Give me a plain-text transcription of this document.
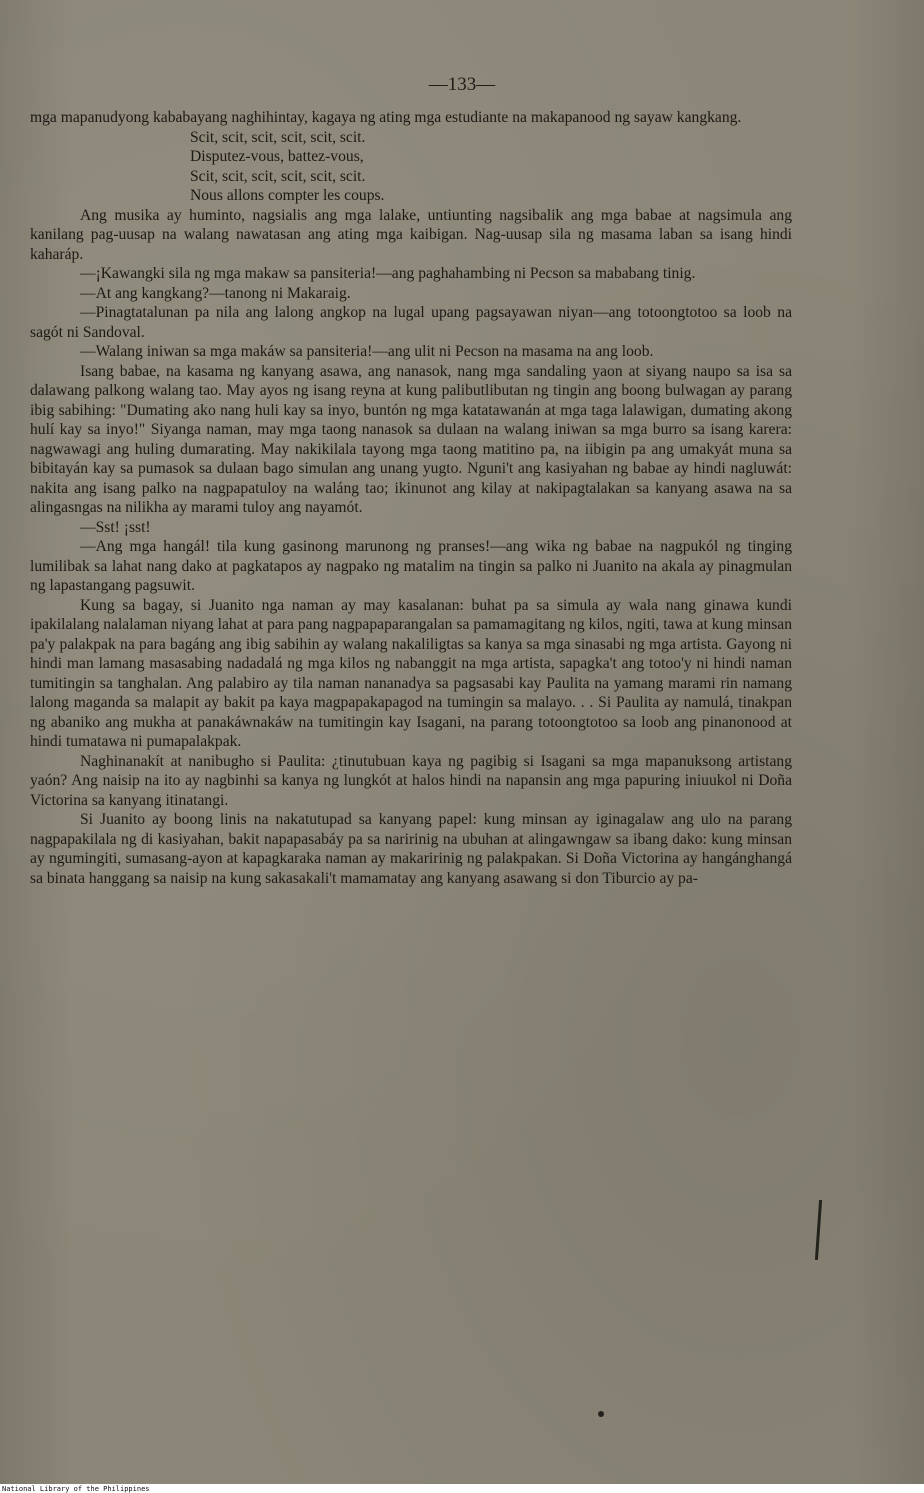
—133—

mga mapanudyong kababayang naghihintay, kagaya ng ating mga estudiante na makapanood ng sayaw kangkang.

Scit, scit, scit, scit, scit, scit.
Disputez-vous, battez-vous,
Scit, scit, scit, scit, scit, scit.
Nous allons compter les coups.

Ang musika ay huminto, nagsialis ang mga lalake, untiunting nagsibalik ang mga babae at nagsimula ang kanilang pag-uusap na walang nawatasan ang ating mga kaibigan. Nag-uusap sila ng masama laban sa isang hindi kaharáp.

—¡Kawangki sila ng mga makaw sa pansiteria!—ang paghahambing ni Pecson sa mababang tinig.

—At ang kangkang?—tanong ni Makaraig.

—Pinagtatalunan pa nila ang lalong angkop na lugal upang pagsayawan niyan—ang totoongtotoo sa loob na sagót ni Sandoval.

—Walang iniwan sa mga makáw sa pansiteria!—ang ulit ni Pecson na masama na ang loob.

Isang babae, na kasama ng kanyang asawa, ang nanasok, nang mga sandaling yaon at siyang naupo sa isa sa dalawang palkong walang tao. May ayos ng isang reyna at kung palibutlibutan ng tingin ang boong bulwagan ay parang ibig sabihing: "Dumating ako nang huli kay sa inyo, buntón ng mga katatawanán at mga taga lalawigan, dumating akong hulí kay sa inyo!" Siyanga naman, may mga taong nanasok sa dulaan na walang iniwan sa mga burro sa isang karera: nagwawagi ang huling dumarating. May nakikilala tayong mga taong matitino pa, na iibigin pa ang umakyát muna sa bibitayán kay sa pumasok sa dulaan bago simulan ang unang yugto. Nguni't ang kasiyahan ng babae ay hindi nagluwát: nakita ang isang palko na nagpapatuloy na waláng tao; ikinunot ang kilay at nakipagtalakan sa kanyang asawa na sa alingasngas na nilikha ay marami tuloy ang nayamót.

—Sst! ¡sst!

—Ang mga hangál! tila kung gasinong marunong ng pranses!—ang wika ng babae na nagpukól ng tinging lumilibak sa lahat nang dako at pagkatapos ay nagpako ng matalim na tingin sa palko ni Juanito na akala ay pinagmulan ng lapastangang pagsuwit.

Kung sa bagay, si Juanito nga naman ay may kasalanan: buhat pa sa simula ay wala nang ginawa kundi ipakilalang nalalaman niyang lahat at para pang nagpapaparangalan sa pamamagitang ng kilos, ngiti, tawa at kung minsan pa'y palakpak na para bagáng ang ibig sabihin ay walang nakaliligtas sa kanya sa mga sinasabi ng mga artista. Gayong ni hindi man lamang masasabing nadadalá ng mga kilos ng nabanggit na mga artista, sapagka't ang totoo'y ni hindi naman tumitingin sa tanghalan. Ang palabiro ay tila naman nananadya sa pagsasabi kay Paulita na yamang marami rin namang lalong maganda sa malapit ay bakit pa kaya magpapakapagod na tumingin sa malayo. . . Si Paulita ay namulá, tinakpan ng abaniko ang mukha at panakáwnakáw na tumitingin kay Isagani, na parang totoongtotoo sa loob ang pinanonood at hindi tumatawa ni pumapalakpak.

Naghinanakít at nanibugho si Paulita: ¿tinutubuan kaya ng pagibig si Isagani sa mga mapanuksong artistang yaón? Ang naisip na ito ay nagbinhi sa kanya ng lungkót at halos hindi na napansin ang mga papuring iniuukol ni Doña Victorina sa kanyang itinatangi.

Si Juanito ay boong linis na nakatutupad sa kanyang papel: kung minsan ay iginagalaw ang ulo na parang nagpapakilala ng di kasiyahan, bakit napapasabáy pa sa naririnig na ubuhan at alingawngaw sa ibang dako: kung minsan ay ngumingiti, sumasang-ayon at kapagkaraka naman ay makaririnig ng palakpakan. Si Doña Victorina ay hangánghangá sa binata hanggang sa naisip na kung sakasakali't mamamatay ang kanyang asawang si don Tiburcio ay pa-

National Library of the Philippines
